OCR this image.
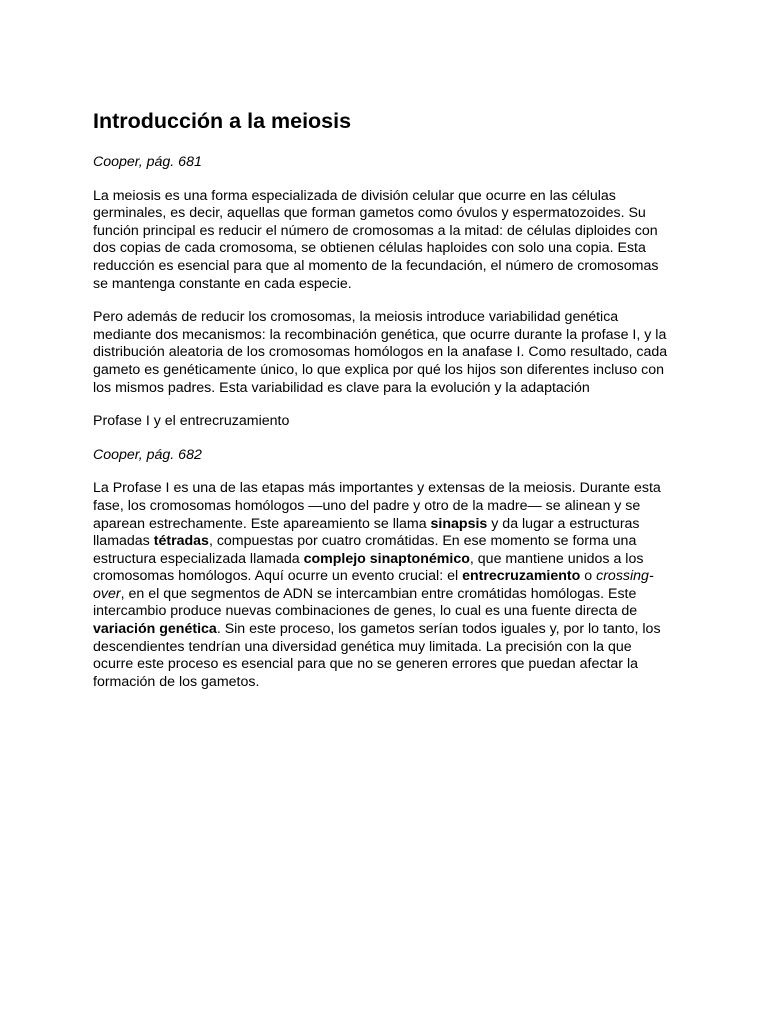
Introducción a la meiosis

Cooper, pág. 681

La meiosis es una forma especializada de división celular que ocurre en las células germinales, es decir, aquellas que forman gametos como óvulos y espermatozoides. Su función principal es reducir el número de cromosomas a la mitad: de células diploides con dos copias de cada cromosoma, se obtienen células haploides con solo una copia. Esta reducción es esencial para que al momento de la fecundación, el número de cromosomas se mantenga constante en cada especie.

Pero además de reducir los cromosomas, la meiosis introduce variabilidad genética mediante dos mecanismos: la recombinación genética, que ocurre durante la profase I, y la distribución aleatoria de los cromosomas homólogos en la anafase I. Como resultado, cada gameto es genéticamente único, lo que explica por qué los hijos son diferentes incluso con los mismos padres. Esta variabilidad es clave para la evolución y la adaptación

Profase I y el entrecruzamiento

Cooper, pág. 682

La Profase I es una de las etapas más importantes y extensas de la meiosis. Durante esta fase, los cromosomas homólogos —uno del padre y otro de la madre— se alinean y se aparean estrechamente. Este apareamiento se llama sinapsis y da lugar a estructuras llamadas tétradas, compuestas por cuatro cromátidas. En ese momento se forma una estructura especializada llamada complejo sinaptonémico, que mantiene unidos a los cromosomas homólogos. Aquí ocurre un evento crucial: el entrecruzamiento o crossing-over, en el que segmentos de ADN se intercambian entre cromátidas homólogas. Este intercambio produce nuevas combinaciones de genes, lo cual es una fuente directa de variación genética. Sin este proceso, los gametos serían todos iguales y, por lo tanto, los descendientes tendrían una diversidad genética muy limitada. La precisión con la que ocurre este proceso es esencial para que no se generen errores que puedan afectar la formación de los gametos.
